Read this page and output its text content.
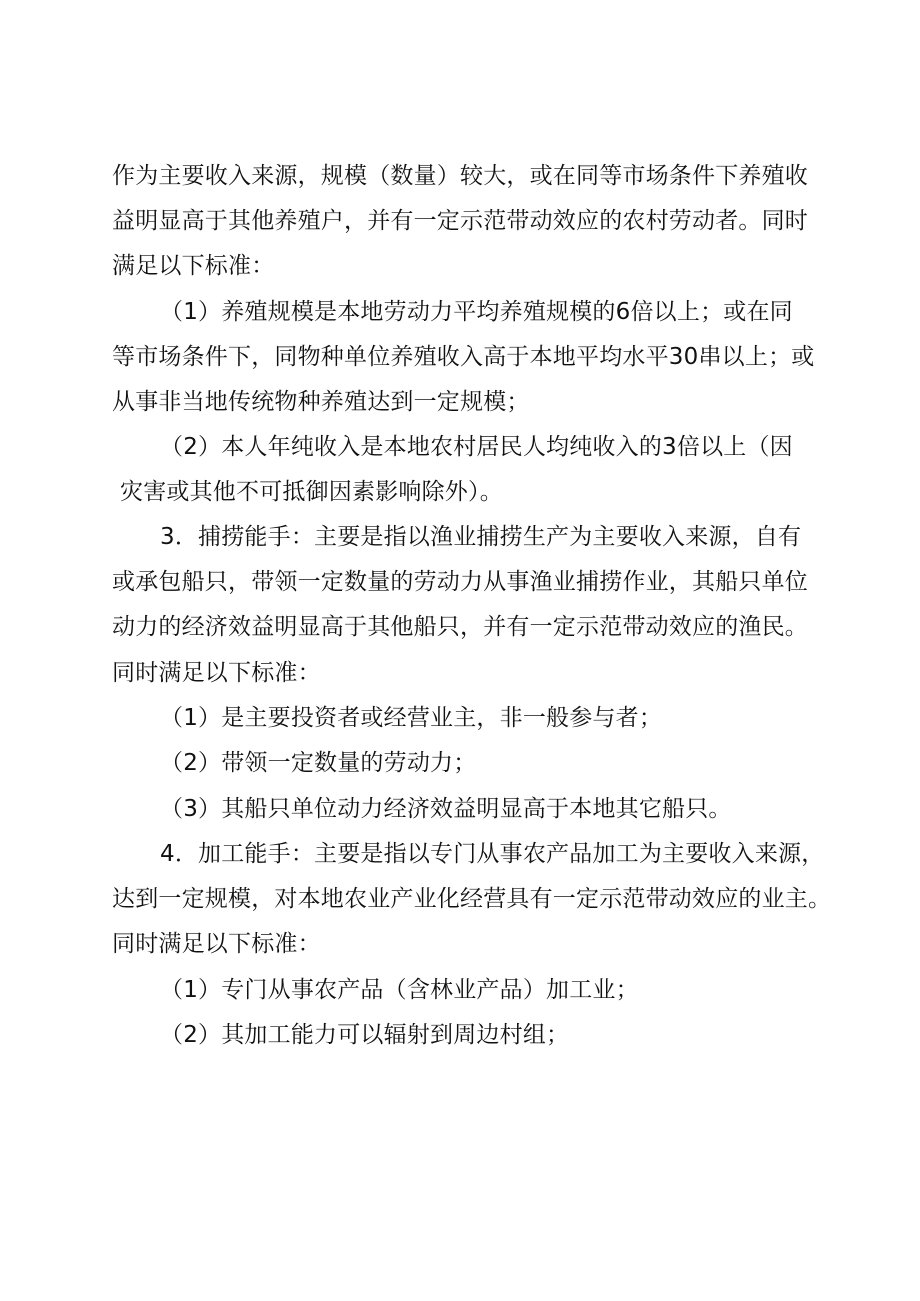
作为主要收入来源，规模（数量）较大，或在同等市场条件下养殖收
益明显高于其他养殖户，并有一定示范带动效应的农村劳动者。同时
满足以下标准：
（1）养殖规模是本地劳动力平均养殖规模的6倍以上；或在同
等市场条件下，同物种单位养殖收入高于本地平均水平30串以上；或
从事非当地传统物种养殖达到一定规模；
（2）本人年纯收入是本地农村居民人均纯收入的3倍以上（因
灾害或其他不可抵御因素影响除外）。
3．捕捞能手：主要是指以渔业捕捞生产为主要收入来源，自有
或承包船只，带领一定数量的劳动力从事渔业捕捞作业，其船只单位
动力的经济效益明显高于其他船只，并有一定示范带动效应的渔民。
同时满足以下标准：
（1）是主要投资者或经营业主，非一般参与者；
（2）带领一定数量的劳动力；
（3）其船只单位动力经济效益明显高于本地其它船只。
4．加工能手：主要是指以专门从事农产品加工为主要收入来源，
达到一定规模，对本地农业产业化经营具有一定示范带动效应的业主。
同时满足以下标准：
（1）专门从事农产品（含林业产品）加工业；
（2）其加工能力可以辐射到周边村组；
